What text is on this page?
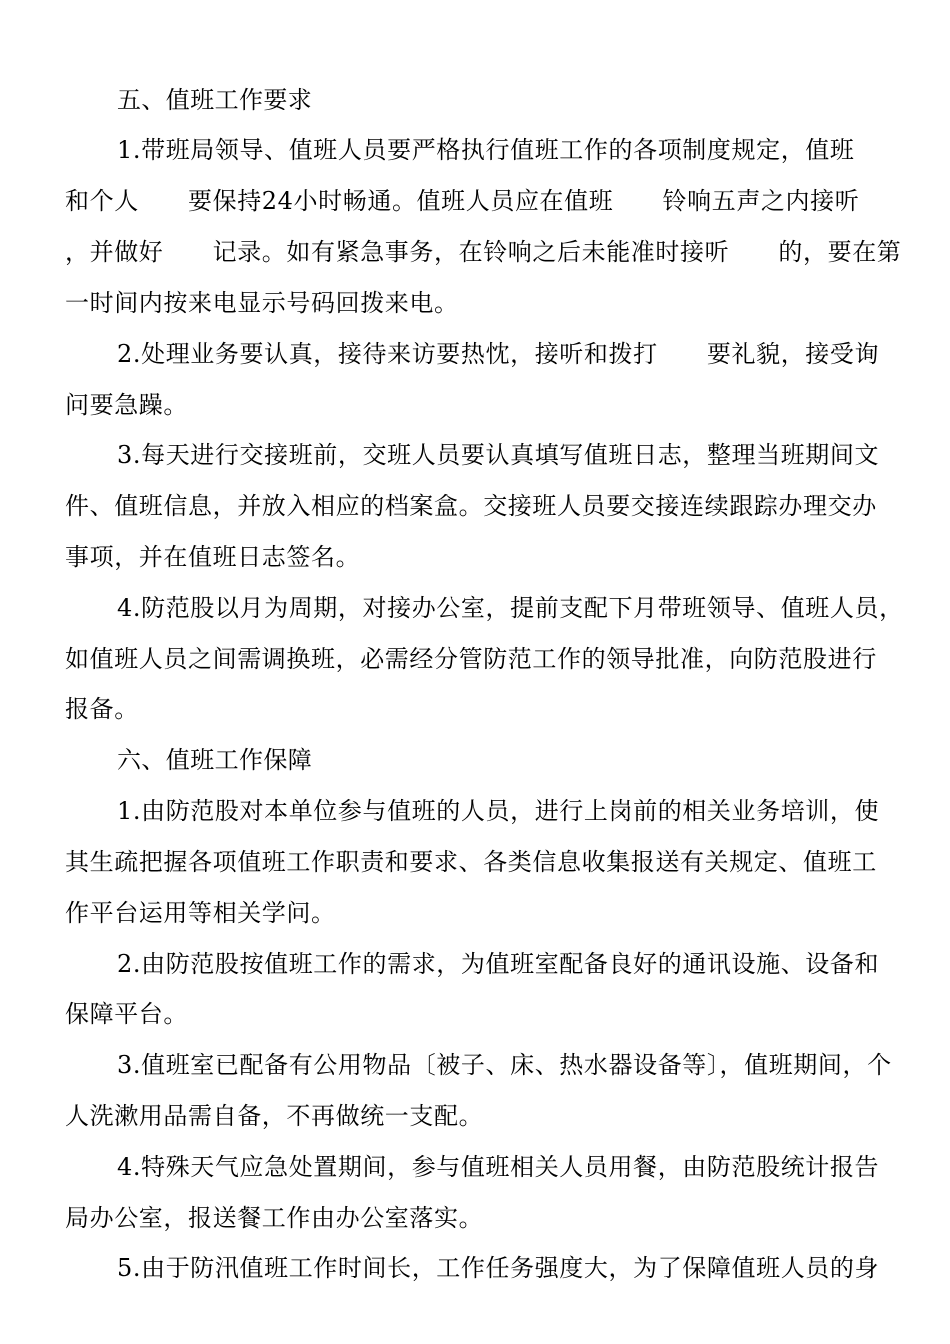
五、值班工作要求
1.带班局领导、值班人员要严格执行值班工作的各项制度规定，值班
和个人　　要保持24小时畅通。值班人员应在值班　　铃响五声之内接听
，并做好　　记录。如有紧急事务，在铃响之后未能准时接听　　的，要在第
一时间内按来电显示号码回拨来电。
2.处理业务要认真，接待来访要热忱，接听和拨打　　要礼貌，接受询
问要急躁。
3.每天进行交接班前，交班人员要认真填写值班日志，整理当班期间文
件、值班信息，并放入相应的档案盒。交接班人员要交接连续跟踪办理交办
事项，并在值班日志签名。
4.防范股以月为周期，对接办公室，提前支配下月带班领导、值班人员，
如值班人员之间需调换班，必需经分管防范工作的领导批准，向防范股进行
报备。
六、值班工作保障
1.由防范股对本单位参与值班的人员，进行上岗前的相关业务培训，使
其生疏把握各项值班工作职责和要求、各类信息收集报送有关规定、值班工
作平台运用等相关学问。
2.由防范股按值班工作的需求，为值班室配备良好的通讯设施、设备和
保障平台。
3.值班室已配备有公用物品〔被子、床、热水器设备等〕，值班期间，个
人洗漱用品需自备，不再做统一支配。
4.特殊天气应急处置期间，参与值班相关人员用餐，由防范股统计报告
局办公室，报送餐工作由办公室落实。
5.由于防汛值班工作时间长，工作任务强度大，为了保障值班人员的身
